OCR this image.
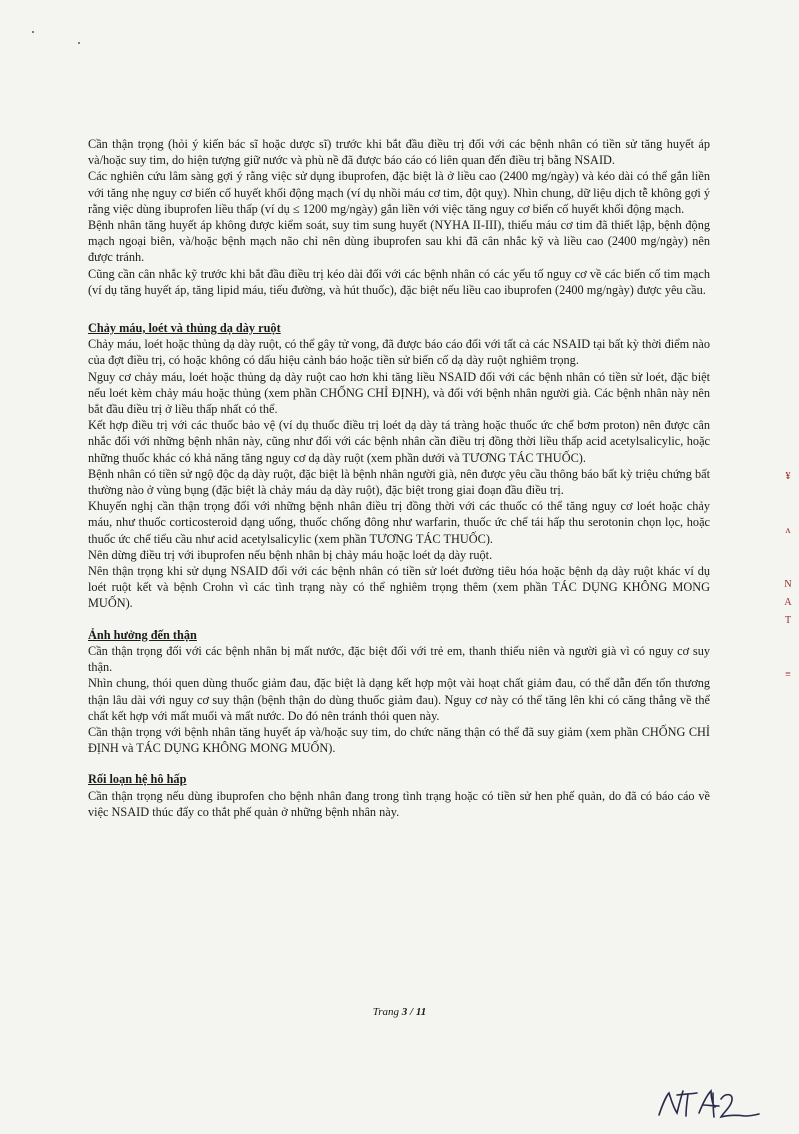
Cần thận trọng (hỏi ý kiến bác sĩ hoặc dược sĩ) trước khi bắt đầu điều trị đối với các bệnh nhân có tiền sử tăng huyết áp và/hoặc suy tim, do hiện tượng giữ nước và phù nề đã được báo cáo có liên quan đến điều trị bằng NSAID.

Các nghiên cứu lâm sàng gợi ý rằng việc sử dụng ibuprofen, đặc biệt là ở liều cao (2400 mg/ngày) và kéo dài có thể gắn liền với tăng nhẹ nguy cơ biến cố huyết khối động mạch (ví dụ nhồi máu cơ tim, đột quỵ). Nhìn chung, dữ liệu dịch tễ không gợi ý rằng việc dùng ibuprofen liều thấp (ví dụ ≤ 1200 mg/ngày) gắn liền với việc tăng nguy cơ biến cố huyết khối động mạch.

Bệnh nhân tăng huyết áp không được kiểm soát, suy tim sung huyết (NYHA II-III), thiếu máu cơ tim đã thiết lập, bệnh động mạch ngoại biên, và/hoặc bệnh mạch não chỉ nên dùng ibuprofen sau khi đã cân nhắc kỹ và liều cao (2400 mg/ngày) nên được tránh.

Cũng cần cân nhắc kỹ trước khi bắt đầu điều trị kéo dài đối với các bệnh nhân có các yếu tố nguy cơ về các biến cố tim mạch (ví dụ tăng huyết áp, tăng lipid máu, tiểu đường, và hút thuốc), đặc biệt nếu liều cao ibuprofen (2400 mg/ngày) được yêu cầu.

Chảy máu, loét và thủng dạ dày ruột

Chảy máu, loét hoặc thủng dạ dày ruột, có thể gây tử vong, đã được báo cáo đối với tất cả các NSAID tại bất kỳ thời điểm nào của đợt điều trị, có hoặc không có dấu hiệu cảnh báo hoặc tiền sử biến cố dạ dày ruột nghiêm trọng.

Nguy cơ chảy máu, loét hoặc thủng dạ dày ruột cao hơn khi tăng liều NSAID đối với các bệnh nhân có tiền sử loét, đặc biệt nếu loét kèm chảy máu hoặc thủng (xem phần CHỐNG CHỈ ĐỊNH), và đối với bệnh nhân người già. Các bệnh nhân này nên bắt đầu điều trị ở liều thấp nhất có thể.

Kết hợp điều trị với các thuốc bảo vệ (ví dụ thuốc điều trị loét dạ dày tá tràng hoặc thuốc ức chế bơm proton) nên được cân nhắc đối với những bệnh nhân này, cũng như đối với các bệnh nhân cần điều trị đồng thời liều thấp acid acetylsalicylic, hoặc những thuốc khác có khả năng tăng nguy cơ dạ dày ruột (xem phần dưới và TƯƠNG TÁC THUỐC).

Bệnh nhân có tiền sử ngộ độc dạ dày ruột, đặc biệt là bệnh nhân người già, nên được yêu cầu thông báo bất kỳ triệu chứng bất thường nào ở vùng bụng (đặc biệt là chảy máu dạ dày ruột), đặc biệt trong giai đoạn đầu điều trị.

Khuyến nghị cần thận trọng đối với những bệnh nhân điều trị đồng thời với các thuốc có thể tăng nguy cơ loét hoặc chảy máu, như thuốc corticosteroid dạng uống, thuốc chống đông như warfarin, thuốc ức chế tái hấp thu serotonin chọn lọc, hoặc thuốc ức chế tiểu cầu như acid acetylsalicylic (xem phần TƯƠNG TÁC THUỐC).

Nên dừng điều trị với ibuprofen nếu bệnh nhân bị chảy máu hoặc loét dạ dày ruột.

Nên thận trọng khi sử dụng NSAID đối với các bệnh nhân có tiền sử loét đường tiêu hóa hoặc bệnh dạ dày ruột khác ví dụ loét ruột kết và bệnh Crohn vì các tình trạng này có thể nghiêm trọng thêm (xem phần TÁC DỤNG KHÔNG MONG MUỐN).

Ảnh hưởng đến thận

Cần thận trọng đối với các bệnh nhân bị mất nước, đặc biệt đối với trẻ em, thanh thiếu niên và người già vì có nguy cơ suy thận.

Nhìn chung, thói quen dùng thuốc giảm đau, đặc biệt là dạng kết hợp một vài hoạt chất giảm đau, có thể dẫn đến tổn thương thận lâu dài với nguy cơ suy thận (bệnh thận do dùng thuốc giảm đau). Nguy cơ này có thể tăng lên khi có căng thẳng về thể chất kết hợp với mất muối và mất nước. Do đó nên tránh thói quen này.

Cần thận trọng với bệnh nhân tăng huyết áp và/hoặc suy tim, do chức năng thận có thể đã suy giảm (xem phần CHỐNG CHỈ ĐỊNH và TÁC DỤNG KHÔNG MONG MUỐN).

Rối loạn hệ hô hấp

Cần thận trọng nếu dùng ibuprofen cho bệnh nhân đang trong tình trạng hoặc có tiền sử hen phế quản, do đã có báo cáo về việc NSAID thúc đẩy co thắt phế quản ở những bệnh nhân này.

Trang 3 / 11
¥
ʌ
N
A
T
≡
